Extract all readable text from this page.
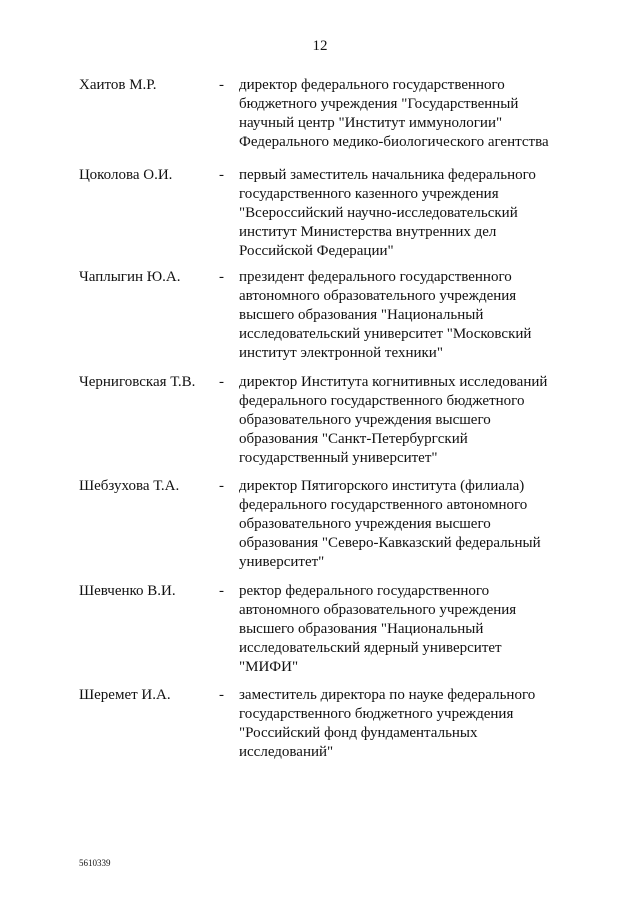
12
Хаитов М.Р.	- директор федерального государственного
бюджетного учреждения "Государственный
научный центр "Институт иммунологии"
Федерального медико-биологического агентства
Цоколова О.И.	- первый заместитель начальника федерального
государственного казенного учреждения
"Всероссийский научно-исследовательский
институт Министерства внутренних дел
Российской Федерации"
Чаплыгин Ю.А.	- президент федерального государственного
автономного образовательного учреждения
высшего образования "Национальный
исследовательский университет "Московский
институт электронной техники"
Черниговская Т.В. - директор Института когнитивных исследований
федерального государственного бюджетного
образовательного учреждения высшего
образования "Санкт-Петербургский
государственный университет"
Шебзухова Т.А.	- директор Пятигорского института (филиала)
федерального государственного автономного
образовательного учреждения высшего
образования "Северо-Кавказский федеральный
университет"
Шевченко В.И.	- ректор федерального государственного
автономного образовательного учреждения
высшего образования "Национальный
исследовательский ядерный университет
"МИФИ"
Шеремет И.А.	- заместитель директора по науке федерального
государственного бюджетного учреждения
"Российский фонд фундаментальных
исследований"
5610339
